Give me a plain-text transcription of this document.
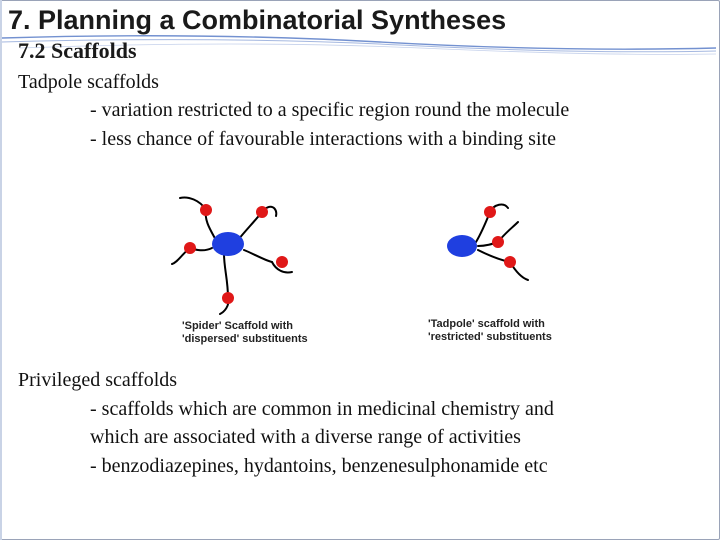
7. Planning a Combinatorial Syntheses
7.2 Scaffolds
Tadpole scaffolds
- variation restricted to a specific region round the molecule
- less chance of favourable interactions with a binding site
'Spider' Scaffold with
'dispersed' substituents
'Tadpole' scaffold with
'restricted' substituents
Privileged scaffolds
- scaffolds which are common in medicinal chemistry and
which are associated with a diverse range of activities
- benzodiazepines, hydantoins, benzenesulphonamide etc
